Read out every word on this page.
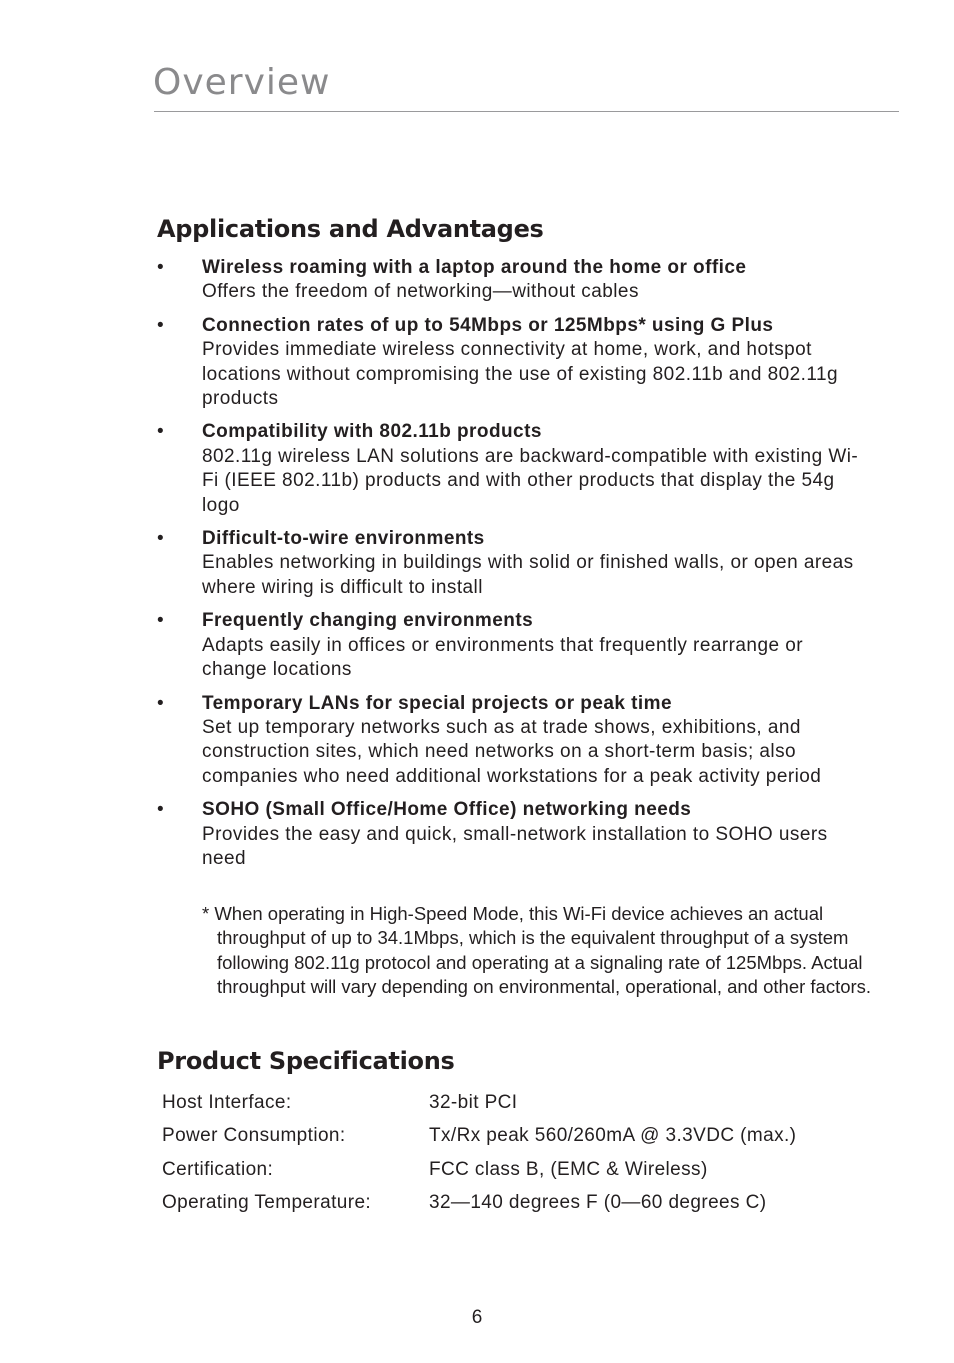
Overview
Applications and Advantages
• Wireless roaming with a laptop around the home or office
Offers the freedom of networking—without cables
• Connection rates of up to 54Mbps or 125Mbps* using G Plus
Provides immediate wireless connectivity at home, work, and hotspot locations without compromising the use of existing 802.11b and 802.11g products
• Compatibility with 802.11b products
802.11g wireless LAN solutions are backward-compatible with existing Wi-Fi (IEEE 802.11b) products and with other products that display the 54g logo
• Difficult-to-wire environments
Enables networking in buildings with solid or finished walls, or open areas where wiring is difficult to install
• Frequently changing environments
Adapts easily in offices or environments that frequently rearrange or change locations
• Temporary LANs for special projects or peak time
Set up temporary networks such as at trade shows, exhibitions, and construction sites, which need networks on a short-term basis; also companies who need additional workstations for a peak activity period
• SOHO (Small Office/Home Office) networking needs
Provides the easy and quick, small-network installation to SOHO users need

* When operating in High-Speed Mode, this Wi-Fi device achieves an actual throughput of up to 34.1Mbps, which is the equivalent throughput of a system following 802.11g protocol and operating at a signaling rate of 125Mbps. Actual throughput will vary depending on environmental, operational, and other factors.

Product Specifications
Host Interface:	32-bit PCI
Power Consumption:	Tx/Rx peak 560/260mA @ 3.3VDC (max.)
Certification:	FCC class B, (EMC & Wireless)
Operating Temperature:	32—140 degrees F (0—60 degrees C)
6
